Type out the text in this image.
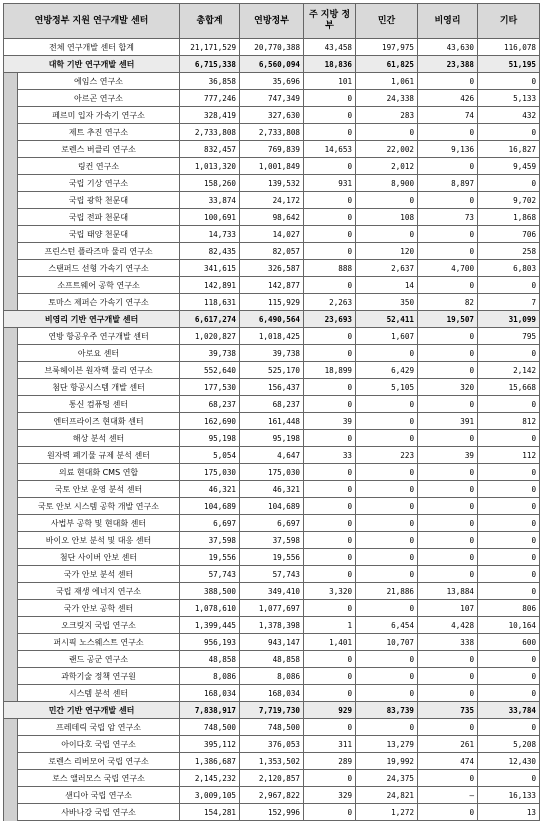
연방정부 지원 연구개발 센터		총합계	연방정부	주 지방 정부	민간	비영리	기타
전체 연구개발 센터 합계		21,171,529	20,770,388	43,458	197,975	43,630	116,078
대학 기반 연구개발 센터		6,715,338	6,560,094	18,836	61,825	23,388	51,195
	에임스 연구소	36,858	35,696	101	1,061	0	0
	아르곤 연구소	777,246	747,349	0	24,338	426	5,133
	페르미 입자 가속기 연구소	328,419	327,630	0	283	74	432
	제트 추진 연구소	2,733,808	2,733,808	0	0	0	0
	로렌스 버클리 연구소	832,457	769,839	14,653	22,002	9,136	16,827
	링컨 연구소	1,013,320	1,001,849	0	2,012	0	9,459
	국립 기상 연구소	158,260	139,532	931	8,900	8,897	0
	국립 광학 천문대	33,874	24,172	0	0	0	9,702
	국립 전파 천문대	100,691	98,642	0	108	73	1,868
	국립 태양 천문대	14,733	14,027	0	0	0	706
	프린스턴 플라즈마 물리 연구소	82,435	82,057	0	120	0	258
	스탠퍼드 선형 가속기 연구소	341,615	326,587	888	2,637	4,700	6,803
	소프트웨어 공학 연구소	142,891	142,877	0	14	0	0
	토마스 제퍼슨 가속기 연구소	118,631	115,929	2,263	350	82	7
비영리 기반 연구개발 센터		6,617,274	6,490,564	23,693	52,411	19,507	31,099
	연방 항공우주 연구개발 센터	1,020,827	1,018,425	0	1,607	0	795
	아로요 센터	39,738	39,738	0	0	0	0
	브룩헤이븐 원자핵 물리 연구소	552,640	525,170	18,899	6,429	0	2,142
	첨단 항공시스템 개발 센터	177,530	156,437	0	5,105	320	15,668
	통신 컴퓨팅 센터	68,237	68,237	0	0	0	0
	엔터프라이즈 현대화 센터	162,690	161,448	39	0	391	812
	해상 분석 센터	95,198	95,198	0	0	0	0
	원자력 폐기물 규제 분석 센터	5,054	4,647	33	223	39	112
	의료 현대화 CMS 연합	175,030	175,030	0	0	0	0
	국토 안보 운영 분석 센터	46,321	46,321	0	0	0	0
	국토 안보 시스템 공학 개발 연구소	104,689	104,689	0	0	0	0
	사법부 공학 및 현대화 센터	6,697	6,697	0	0	0	0
	바이오 안보 분석 및 대응 센터	37,598	37,598	0	0	0	0
	첨단 사이버 안보 센터	19,556	19,556	0	0	0	0
	국가 안보 분석 센터	57,743	57,743	0	0	0	0
	국립 재생 에너지 연구소	388,500	349,410	3,320	21,886	13,884	0
	국가 안보 공학 센터	1,078,610	1,077,697	0	0	107	806
	오크릿지 국립 연구소	1,399,445	1,378,398	1	6,454	4,428	10,164
	퍼시픽 노스웨스트 연구소	956,193	943,147	1,401	10,707	338	600
	랜드 공군 연구소	48,858	48,858	0	0	0	0
	과학기술 정책 연구원	8,086	8,086	0	0	0	0
	시스템 분석 센터	168,034	168,034	0	0	0	0
민간 기반 연구개발 센터		7,838,917	7,719,730	929	83,739	735	33,784
	프레데릭 국립 암 연구소	748,500	748,500	0	0	0	0
	아이다호 국립 연구소	395,112	376,053	311	13,279	261	5,208
	로렌스 리버모어 국립 연구소	1,386,687	1,353,502	289	19,992	474	12,430
	로스 앨러모스 국립 연구소	2,145,232	2,120,857	0	24,375	0	0
	샌디아 국립 연구소	3,009,105	2,967,822	329	24,821	–	16,133
	사바나강 국립 연구소	154,281	152,996	0	1,272	0	13
